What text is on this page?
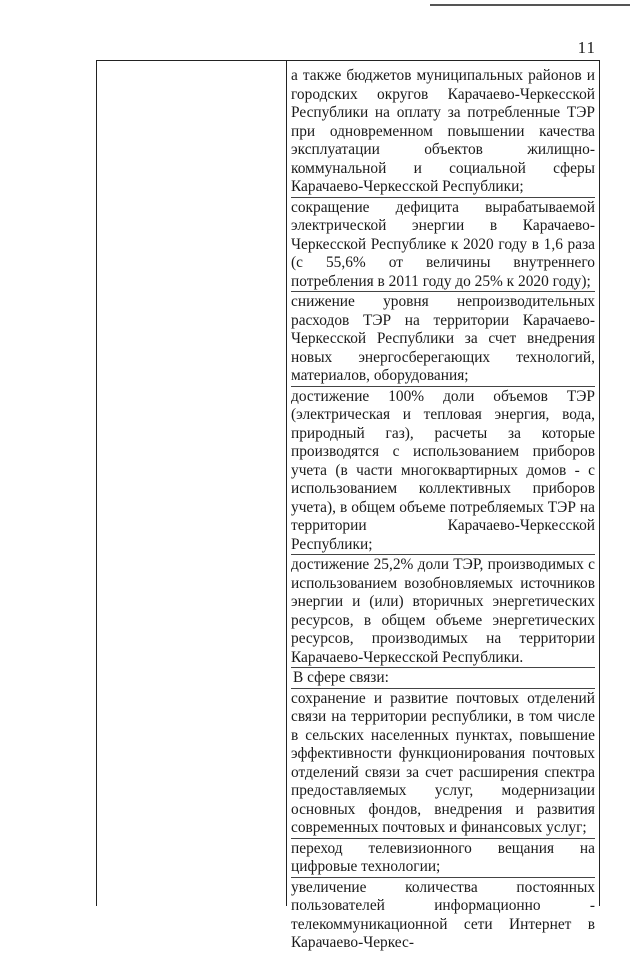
11

а также бюджетов муниципальных районов и городских округов Карачаево-Черкесской Республики на оплату за потребленные ТЭР при одновременном повышении качества эксплуатации объектов жилищно-коммунальной и социальной сферы Карачаево-Черкесской Республики;

сокращение дефицита вырабатываемой электрической энергии в Карачаево-Черкесской Республике к 2020 году в 1,6 раза (с 55,6% от величины внутреннего потребления в 2011 году до 25% к 2020 году);

снижение уровня непроизводительных расходов ТЭР на территории Карачаево-Черкесской Республики за счет внедрения новых энергосберегающих технологий, материалов, оборудования;

достижение 100% доли объемов ТЭР (электрическая и тепловая энергия, вода, природный газ), расчеты за которые производятся с использованием приборов учета (в части многоквартирных домов - с использованием коллективных приборов учета), в общем объеме потребляемых ТЭР на территории Карачаево-Черкесской Республики;

достижение 25,2% доли ТЭР, производимых с использованием возобновляемых источников энергии и (или) вторичных энергетических ресурсов, в общем объеме энергетических ресурсов, производимых на территории Карачаево-Черкесской Республики.

В сфере связи:

сохранение и развитие почтовых отделений связи на территории республики, в том числе в сельских населенных пунктах, повышение эффективности функционирования почтовых отделений связи за счет расширения спектра предоставляемых услуг, модернизации основных фондов, внедрения и развития современных почтовых и финансовых услуг;

переход телевизионного вещания на цифровые технологии;

увеличение количества постоянных пользователей информационно - телекоммуникационной сети Интернет в Карачаево-Черкес-
